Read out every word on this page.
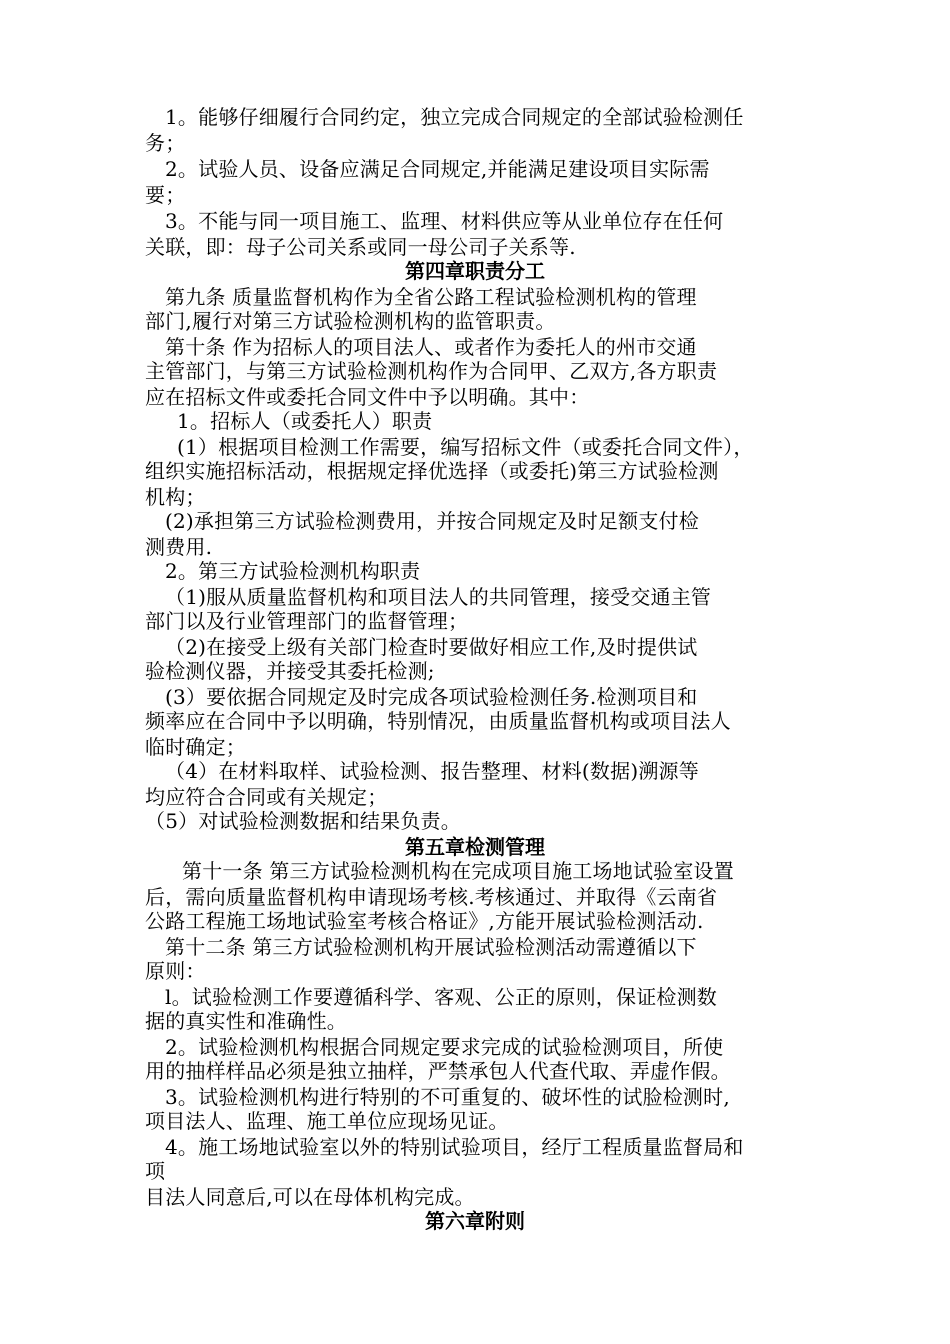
1。能够仔细履行合同约定，独立完成合同规定的全部试验检测任
务；
2。试验人员、设备应满足合同规定,并能满足建设项目实际需
要；
3。不能与同一项目施工、监理、材料供应等从业单位存在任何
关联，即：母子公司关系或同一母公司子关系等.
第四章职责分工
第九条 质量监督机构作为全省公路工程试验检测机构的管理
部门,履行对第三方试验检测机构的监管职责。
第十条 作为招标人的项目法人、或者作为委托人的州市交通
主管部门，与第三方试验检测机构作为合同甲、乙双方,各方职责
应在招标文件或委托合同文件中予以明确。其中：
1。招标人（或委托人）职责
(1）根据项目检测工作需要，编写招标文件（或委托合同文件），
组织实施招标活动，根据规定择优选择（或委托)第三方试验检测
机构；
(2)承担第三方试验检测费用，并按合同规定及时足额支付检
测费用.
2。第三方试验检测机构职责
（1)服从质量监督机构和项目法人的共同管理，接受交通主管
部门以及行业管理部门的监督管理；
（2)在接受上级有关部门检查时要做好相应工作,及时提供试
验检测仪器，并接受其委托检测;
(3）要依据合同规定及时完成各项试验检测任务.检测项目和
频率应在合同中予以明确，特别情况，由质量监督机构或项目法人
临时确定；
（4）在材料取样、试验检测、报告整理、材料(数据)溯源等
均应符合合同或有关规定；
（5）对试验检测数据和结果负责。
第五章检测管理
第十一条 第三方试验检测机构在完成项目施工场地试验室设置
后，需向质量监督机构申请现场考核.考核通过、并取得《云南省
公路工程施工场地试验室考核合格证》,方能开展试验检测活动.
第十二条 第三方试验检测机构开展试验检测活动需遵循以下
原则：
l。试验检测工作要遵循科学、客观、公正的原则，保证检测数
据的真实性和准确性。
2。试验检测机构根据合同规定要求完成的试验检测项目，所使
用的抽样样品必须是独立抽样，严禁承包人代查代取、弄虚作假。
3。试验检测机构进行特别的不可重复的、破坏性的试脸检测时,
项目法人、监理、施工单位应现场见证。
4。施工场地试验室以外的特别试验项目，经厅工程质量监督局和
项
目法人同意后,可以在母体机构完成。
第六章附则
